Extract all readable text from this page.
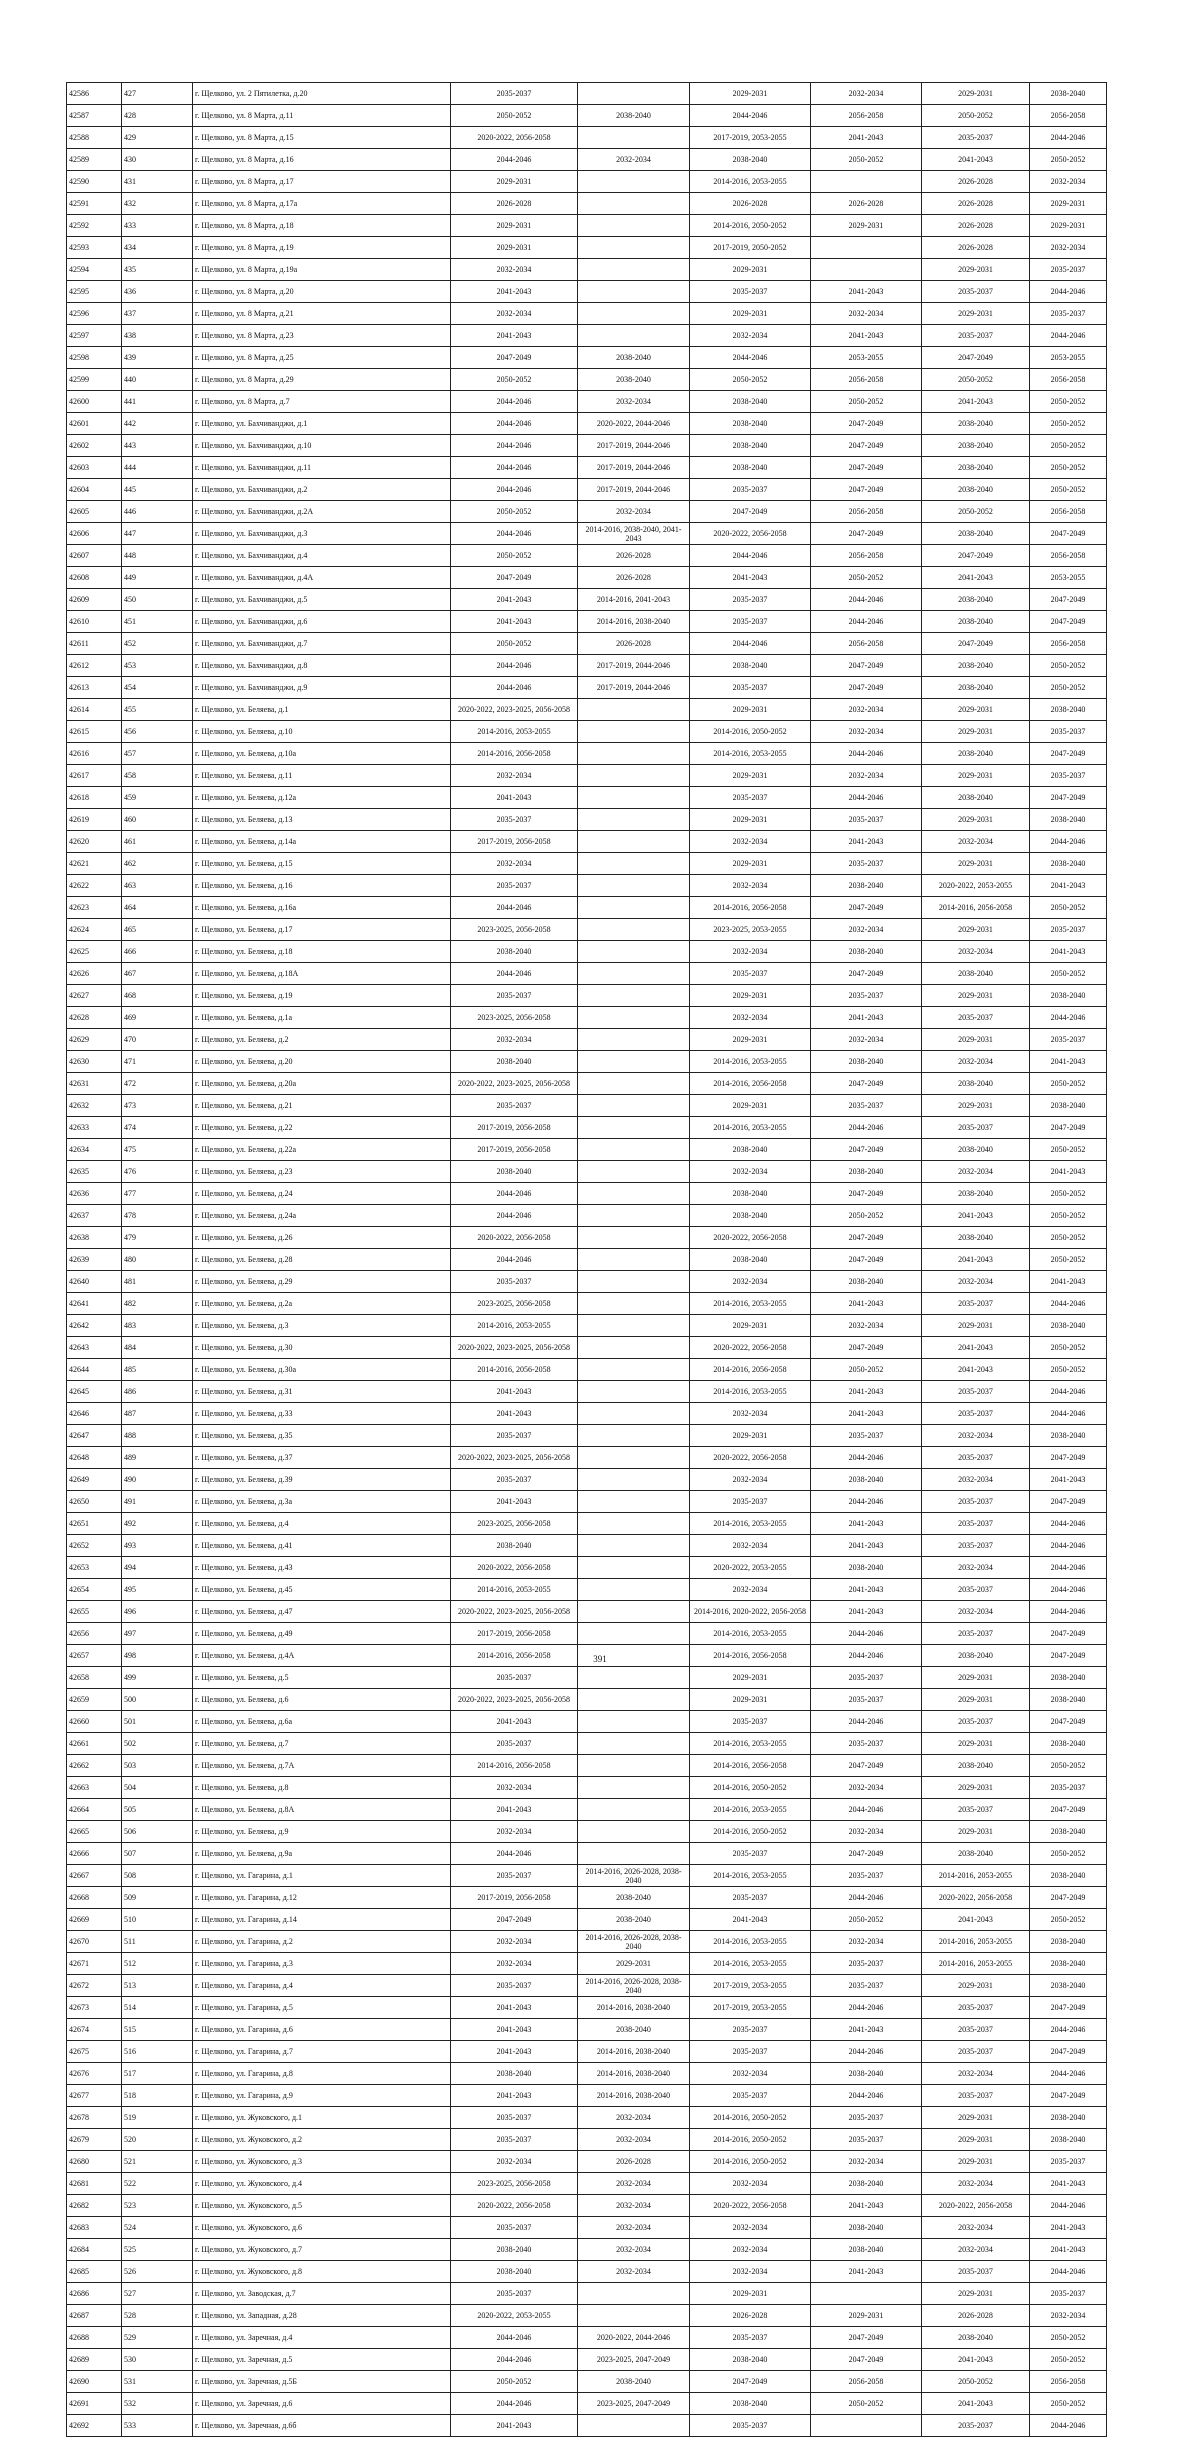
42586	427	г. Щелково, ул. 2 Пятилетка, д.20	2035-2037		2029-2031	2032-2034	2029-2031	2038-2040
42587	428	г. Щелково, ул. 8 Марта, д.11	2050-2052	2038-2040	2044-2046	2056-2058	2050-2052	2056-2058
42588	429	г. Щелково, ул. 8 Марта, д.15	2020-2022, 2056-2058		2017-2019, 2053-2055	2041-2043	2035-2037	2044-2046
42589	430	г. Щелково, ул. 8 Марта, д.16	2044-2046	2032-2034	2038-2040	2050-2052	2041-2043	2050-2052
42590	431	г. Щелково, ул. 8 Марта, д.17	2029-2031		2014-2016, 2053-2055		2026-2028	2032-2034
42591	432	г. Щелково, ул. 8 Марта, д.17а	2026-2028		2026-2028	2026-2028	2026-2028	2029-2031
42592	433	г. Щелково, ул. 8 Марта, д.18	2029-2031		2014-2016, 2050-2052	2029-2031	2026-2028	2029-2031
42593	434	г. Щелково, ул. 8 Марта, д.19	2029-2031		2017-2019, 2050-2052		2026-2028	2032-2034
42594	435	г. Щелково, ул. 8 Марта, д.19а	2032-2034		2029-2031		2029-2031	2035-2037
42595	436	г. Щелково, ул. 8 Марта, д.20	2041-2043		2035-2037	2041-2043	2035-2037	2044-2046
42596	437	г. Щелково, ул. 8 Марта, д.21	2032-2034		2029-2031	2032-2034	2029-2031	2035-2037
42597	438	г. Щелково, ул. 8 Марта, д.23	2041-2043		2032-2034	2041-2043	2035-2037	2044-2046
42598	439	г. Щелково, ул. 8 Марта, д.25	2047-2049	2038-2040	2044-2046	2053-2055	2047-2049	2053-2055
42599	440	г. Щелково, ул. 8 Марта, д.29	2050-2052	2038-2040	2050-2052	2056-2058	2050-2052	2056-2058
42600	441	г. Щелково, ул. 8 Марта, д.7	2044-2046	2032-2034	2038-2040	2050-2052	2041-2043	2050-2052
42601	442	г. Щелково, ул. Бахчиванджи, д.1	2044-2046	2020-2022, 2044-2046	2038-2040	2047-2049	2038-2040	2050-2052
42602	443	г. Щелково, ул. Бахчиванджи, д.10	2044-2046	2017-2019, 2044-2046	2038-2040	2047-2049	2038-2040	2050-2052
42603	444	г. Щелково, ул. Бахчиванджи, д.11	2044-2046	2017-2019, 2044-2046	2038-2040	2047-2049	2038-2040	2050-2052
42604	445	г. Щелково, ул. Бахчиванджи, д.2	2044-2046	2017-2019, 2044-2046	2035-2037	2047-2049	2038-2040	2050-2052
42605	446	г. Щелково, ул. Бахчиванджи, д.2А	2050-2052	2032-2034	2047-2049	2056-2058	2050-2052	2056-2058
42606	447	г. Щелково, ул. Бахчиванджи, д.3	2044-2046	2014-2016, 2038-2040, 2041-2043	2020-2022, 2056-2058	2047-2049	2038-2040	2047-2049
42607	448	г. Щелково, ул. Бахчиванджи, д.4	2050-2052	2026-2028	2044-2046	2056-2058	2047-2049	2056-2058
42608	449	г. Щелково, ул. Бахчиванджи, д.4А	2047-2049	2026-2028	2041-2043	2050-2052	2041-2043	2053-2055
42609	450	г. Щелково, ул. Бахчиванджи, д.5	2041-2043	2014-2016, 2041-2043	2035-2037	2044-2046	2038-2040	2047-2049
42610	451	г. Щелково, ул. Бахчиванджи, д.6	2041-2043	2014-2016, 2038-2040	2035-2037	2044-2046	2038-2040	2047-2049
42611	452	г. Щелково, ул. Бахчиванджи, д.7	2050-2052	2026-2028	2044-2046	2056-2058	2047-2049	2056-2058
42612	453	г. Щелково, ул. Бахчиванджи, д.8	2044-2046	2017-2019, 2044-2046	2038-2040	2047-2049	2038-2040	2050-2052
42613	454	г. Щелково, ул. Бахчиванджи, д.9	2044-2046	2017-2019, 2044-2046	2035-2037	2047-2049	2038-2040	2050-2052
42614	455	г. Щелково, ул. Беляева, д.1	2020-2022, 2023-2025, 2056-2058		2029-2031	2032-2034	2029-2031	2038-2040
42615	456	г. Щелково, ул. Беляева, д.10	2014-2016, 2053-2055		2014-2016, 2050-2052	2032-2034	2029-2031	2035-2037
42616	457	г. Щелково, ул. Беляева, д.10а	2014-2016, 2056-2058		2014-2016, 2053-2055	2044-2046	2038-2040	2047-2049
42617	458	г. Щелково, ул. Беляева, д.11	2032-2034		2029-2031	2032-2034	2029-2031	2035-2037
42618	459	г. Щелково, ул. Беляева, д.12а	2041-2043		2035-2037	2044-2046	2038-2040	2047-2049
42619	460	г. Щелково, ул. Беляева, д.13	2035-2037		2029-2031	2035-2037	2029-2031	2038-2040
42620	461	г. Щелково, ул. Беляева, д.14а	2017-2019, 2056-2058		2032-2034	2041-2043	2032-2034	2044-2046
42621	462	г. Щелково, ул. Беляева, д.15	2032-2034		2029-2031	2035-2037	2029-2031	2038-2040
42622	463	г. Щелково, ул. Беляева, д.16	2035-2037		2032-2034	2038-2040	2020-2022, 2053-2055	2041-2043
42623	464	г. Щелково, ул. Беляева, д.16а	2044-2046		2014-2016, 2056-2058	2047-2049	2014-2016, 2056-2058	2050-2052
42624	465	г. Щелково, ул. Беляева, д.17	2023-2025, 2056-2058		2023-2025, 2053-2055	2032-2034	2029-2031	2035-2037
42625	466	г. Щелково, ул. Беляева, д.18	2038-2040		2032-2034	2038-2040	2032-2034	2041-2043
42626	467	г. Щелково, ул. Беляева, д.18А	2044-2046		2035-2037	2047-2049	2038-2040	2050-2052
42627	468	г. Щелково, ул. Беляева, д.19	2035-2037		2029-2031	2035-2037	2029-2031	2038-2040
42628	469	г. Щелково, ул. Беляева, д.1а	2023-2025, 2056-2058		2032-2034	2041-2043	2035-2037	2044-2046
42629	470	г. Щелково, ул. Беляева, д.2	2032-2034		2029-2031	2032-2034	2029-2031	2035-2037
42630	471	г. Щелково, ул. Беляева, д.20	2038-2040		2014-2016, 2053-2055	2038-2040	2032-2034	2041-2043
42631	472	г. Щелково, ул. Беляева, д.20а	2020-2022, 2023-2025, 2056-2058		2014-2016, 2056-2058	2047-2049	2038-2040	2050-2052
42632	473	г. Щелково, ул. Беляева, д.21	2035-2037		2029-2031	2035-2037	2029-2031	2038-2040
42633	474	г. Щелково, ул. Беляева, д.22	2017-2019, 2056-2058		2014-2016, 2053-2055	2044-2046	2035-2037	2047-2049
42634	475	г. Щелково, ул. Беляева, д.22а	2017-2019, 2056-2058		2038-2040	2047-2049	2038-2040	2050-2052
42635	476	г. Щелково, ул. Беляева, д.23	2038-2040		2032-2034	2038-2040	2032-2034	2041-2043
42636	477	г. Щелково, ул. Беляева, д.24	2044-2046		2038-2040	2047-2049	2038-2040	2050-2052
42637	478	г. Щелково, ул. Беляева, д.24а	2044-2046		2038-2040	2050-2052	2041-2043	2050-2052
42638	479	г. Щелково, ул. Беляева, д.26	2020-2022, 2056-2058		2020-2022, 2056-2058	2047-2049	2038-2040	2050-2052
42639	480	г. Щелково, ул. Беляева, д.28	2044-2046		2038-2040	2047-2049	2041-2043	2050-2052
42640	481	г. Щелково, ул. Беляева, д.29	2035-2037		2032-2034	2038-2040	2032-2034	2041-2043
42641	482	г. Щелково, ул. Беляева, д.2а	2023-2025, 2056-2058		2014-2016, 2053-2055	2041-2043	2035-2037	2044-2046
42642	483	г. Щелково, ул. Беляева, д.3	2014-2016, 2053-2055		2029-2031	2032-2034	2029-2031	2038-2040
42643	484	г. Щелково, ул. Беляева, д.30	2020-2022, 2023-2025, 2056-2058		2020-2022, 2056-2058	2047-2049	2041-2043	2050-2052
42644	485	г. Щелково, ул. Беляева, д.30а	2014-2016, 2056-2058		2014-2016, 2056-2058	2050-2052	2041-2043	2050-2052
42645	486	г. Щелково, ул. Беляева, д.31	2041-2043		2014-2016, 2053-2055	2041-2043	2035-2037	2044-2046
42646	487	г. Щелково, ул. Беляева, д.33	2041-2043		2032-2034	2041-2043	2035-2037	2044-2046
42647	488	г. Щелково, ул. Беляева, д.35	2035-2037		2029-2031	2035-2037	2032-2034	2038-2040
42648	489	г. Щелково, ул. Беляева, д.37	2020-2022, 2023-2025, 2056-2058		2020-2022, 2056-2058	2044-2046	2035-2037	2047-2049
42649	490	г. Щелково, ул. Беляева, д.39	2035-2037		2032-2034	2038-2040	2032-2034	2041-2043
42650	491	г. Щелково, ул. Беляева, д.3а	2041-2043		2035-2037	2044-2046	2035-2037	2047-2049
42651	492	г. Щелково, ул. Беляева, д.4	2023-2025, 2056-2058		2014-2016, 2053-2055	2041-2043	2035-2037	2044-2046
42652	493	г. Щелково, ул. Беляева, д.41	2038-2040		2032-2034	2041-2043	2035-2037	2044-2046
42653	494	г. Щелково, ул. Беляева, д.43	2020-2022, 2056-2058		2020-2022, 2053-2055	2038-2040	2032-2034	2044-2046
42654	495	г. Щелково, ул. Беляева, д.45	2014-2016, 2053-2055		2032-2034	2041-2043	2035-2037	2044-2046
42655	496	г. Щелково, ул. Беляева, д.47	2020-2022, 2023-2025, 2056-2058		2014-2016, 2020-2022, 2056-2058	2041-2043	2032-2034	2044-2046
42656	497	г. Щелково, ул. Беляева, д.49	2017-2019, 2056-2058		2014-2016, 2053-2055	2044-2046	2035-2037	2047-2049
42657	498	г. Щелково, ул. Беляева, д.4А	2014-2016, 2056-2058		2014-2016, 2056-2058	2044-2046	2038-2040	2047-2049
42658	499	г. Щелково, ул. Беляева, д.5	2035-2037		2029-2031	2035-2037	2029-2031	2038-2040
42659	500	г. Щелково, ул. Беляева, д.6	2020-2022, 2023-2025, 2056-2058		2029-2031	2035-2037	2029-2031	2038-2040
42660	501	г. Щелково, ул. Беляева, д.6а	2041-2043		2035-2037	2044-2046	2035-2037	2047-2049
42661	502	г. Щелково, ул. Беляева, д.7	2035-2037		2014-2016, 2053-2055	2035-2037	2029-2031	2038-2040
42662	503	г. Щелково, ул. Беляева, д.7А	2014-2016, 2056-2058		2014-2016, 2056-2058	2047-2049	2038-2040	2050-2052
42663	504	г. Щелково, ул. Беляева, д.8	2032-2034		2014-2016, 2050-2052	2032-2034	2029-2031	2035-2037
42664	505	г. Щелково, ул. Беляева, д.8А	2041-2043		2014-2016, 2053-2055	2044-2046	2035-2037	2047-2049
42665	506	г. Щелково, ул. Беляева, д.9	2032-2034		2014-2016, 2050-2052	2032-2034	2029-2031	2038-2040
42666	507	г. Щелково, ул. Беляева, д.9а	2044-2046		2035-2037	2047-2049	2038-2040	2050-2052
42667	508	г. Щелково, ул. Гагарина, д.1	2035-2037	2014-2016, 2026-2028, 2038-2040	2014-2016, 2053-2055	2035-2037	2014-2016, 2053-2055	2038-2040
42668	509	г. Щелково, ул. Гагарина, д.12	2017-2019, 2056-2058	2038-2040	2035-2037	2044-2046	2020-2022, 2056-2058	2047-2049
42669	510	г. Щелково, ул. Гагарина, д.14	2047-2049	2038-2040	2041-2043	2050-2052	2041-2043	2050-2052
42670	511	г. Щелково, ул. Гагарина, д.2	2032-2034	2014-2016, 2026-2028, 2038-2040	2014-2016, 2053-2055	2032-2034	2014-2016, 2053-2055	2038-2040
42671	512	г. Щелково, ул. Гагарина, д.3	2032-2034	2029-2031	2014-2016, 2053-2055	2035-2037	2014-2016, 2053-2055	2038-2040
42672	513	г. Щелково, ул. Гагарина, д.4	2035-2037	2014-2016, 2026-2028, 2038-2040	2017-2019, 2053-2055	2035-2037	2029-2031	2038-2040
42673	514	г. Щелково, ул. Гагарина, д.5	2041-2043	2014-2016, 2038-2040	2017-2019, 2053-2055	2044-2046	2035-2037	2047-2049
42674	515	г. Щелково, ул. Гагарина, д.6	2041-2043	2038-2040	2035-2037	2041-2043	2035-2037	2044-2046
42675	516	г. Щелково, ул. Гагарина, д.7	2041-2043	2014-2016, 2038-2040	2035-2037	2044-2046	2035-2037	2047-2049
42676	517	г. Щелково, ул. Гагарина, д.8	2038-2040	2014-2016, 2038-2040	2032-2034	2038-2040	2032-2034	2044-2046
42677	518	г. Щелково, ул. Гагарина, д.9	2041-2043	2014-2016, 2038-2040	2035-2037	2044-2046	2035-2037	2047-2049
42678	519	г. Щелково, ул. Жуковского, д.1	2035-2037	2032-2034	2014-2016, 2050-2052	2035-2037	2029-2031	2038-2040
42679	520	г. Щелково, ул. Жуковского, д.2	2035-2037	2032-2034	2014-2016, 2050-2052	2035-2037	2029-2031	2038-2040
42680	521	г. Щелково, ул. Жуковского, д.3	2032-2034	2026-2028	2014-2016, 2050-2052	2032-2034	2029-2031	2035-2037
42681	522	г. Щелково, ул. Жуковского, д.4	2023-2025, 2056-2058	2032-2034	2032-2034	2038-2040	2032-2034	2041-2043
42682	523	г. Щелково, ул. Жуковского, д.5	2020-2022, 2056-2058	2032-2034	2020-2022, 2056-2058	2041-2043	2020-2022, 2056-2058	2044-2046
42683	524	г. Щелково, ул. Жуковского, д.6	2035-2037	2032-2034	2032-2034	2038-2040	2032-2034	2041-2043
42684	525	г. Щелково, ул. Жуковского, д.7	2038-2040	2032-2034	2032-2034	2038-2040	2032-2034	2041-2043
42685	526	г. Щелково, ул. Жуковского, д.8	2038-2040	2032-2034	2032-2034	2041-2043	2035-2037	2044-2046
42686	527	г. Щелково, ул. Заводская, д.7	2035-2037		2029-2031		2029-2031	2035-2037
42687	528	г. Щелково, ул. Западная, д.28	2020-2022, 2053-2055		2026-2028	2029-2031	2026-2028	2032-2034
42688	529	г. Щелково, ул. Заречная, д.4	2044-2046	2020-2022, 2044-2046	2035-2037	2047-2049	2038-2040	2050-2052
42689	530	г. Щелково, ул. Заречная, д.5	2044-2046	2023-2025, 2047-2049	2038-2040	2047-2049	2041-2043	2050-2052
42690	531	г. Щелково, ул. Заречная, д.5Б	2050-2052	2038-2040	2047-2049	2056-2058	2050-2052	2056-2058
42691	532	г. Щелково, ул. Заречная, д.6	2044-2046	2023-2025, 2047-2049	2038-2040	2050-2052	2041-2043	2050-2052
42692	533	г. Щелково, ул. Заречная, д.6б	2041-2043		2035-2037		2035-2037	2044-2046
391
